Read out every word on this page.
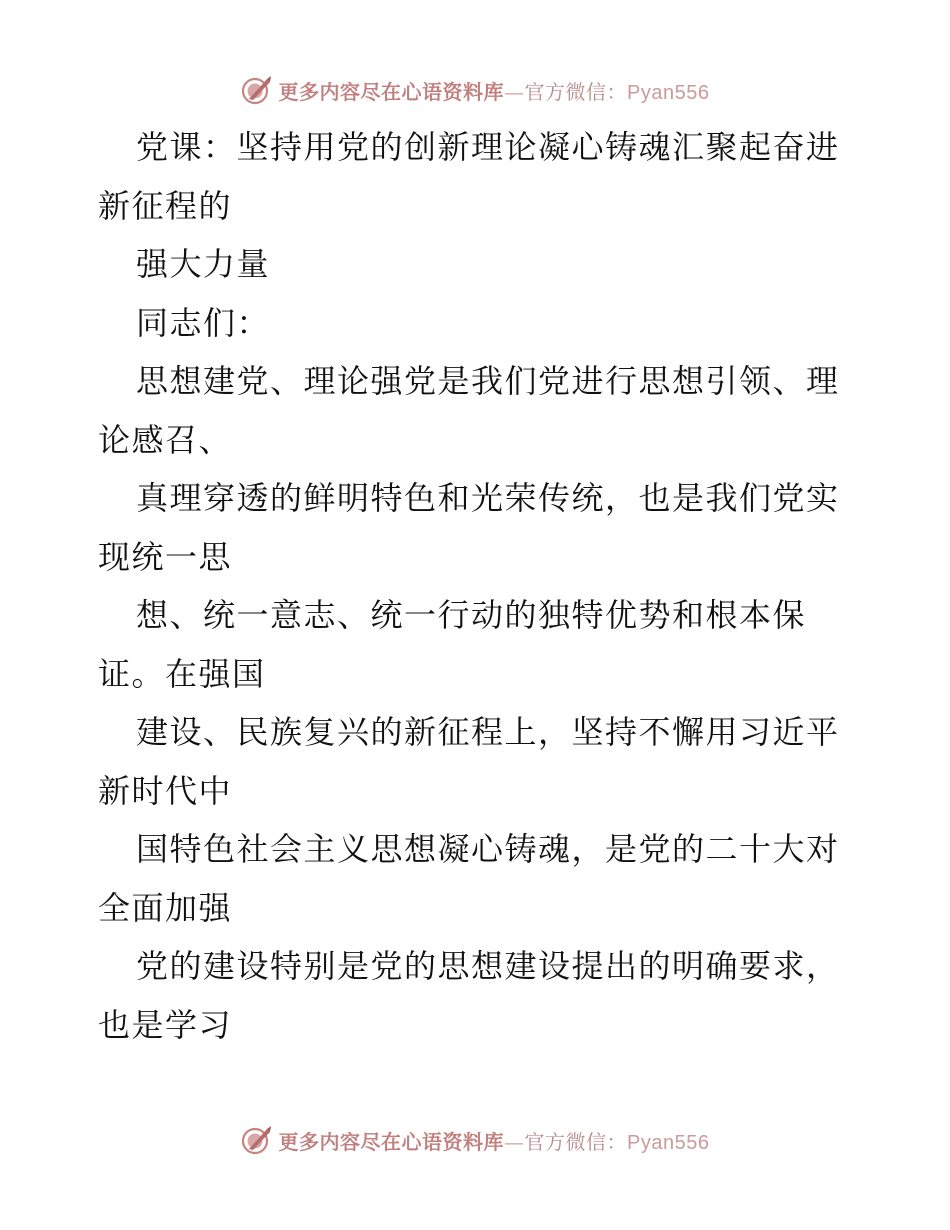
更多内容尽在心语资料库—官方微信：Pyan556
党课：坚持用党的创新理论凝心铸魂汇聚起奋进
新征程的
强大力量
同志们：
思想建党、理论强党是我们党进行思想引领、理
论感召、
真理穿透的鲜明特色和光荣传统，也是我们党实
现统一思
想、统一意志、统一行动的独特优势和根本保
证。在强国
建设、民族复兴的新征程上，坚持不懈用习近平
新时代中
国特色社会主义思想凝心铸魂，是党的二十大对
全面加强
党的建设特别是党的思想建设提出的明确要求，
也是学习
更多内容尽在心语资料库—官方微信：Pyan556
